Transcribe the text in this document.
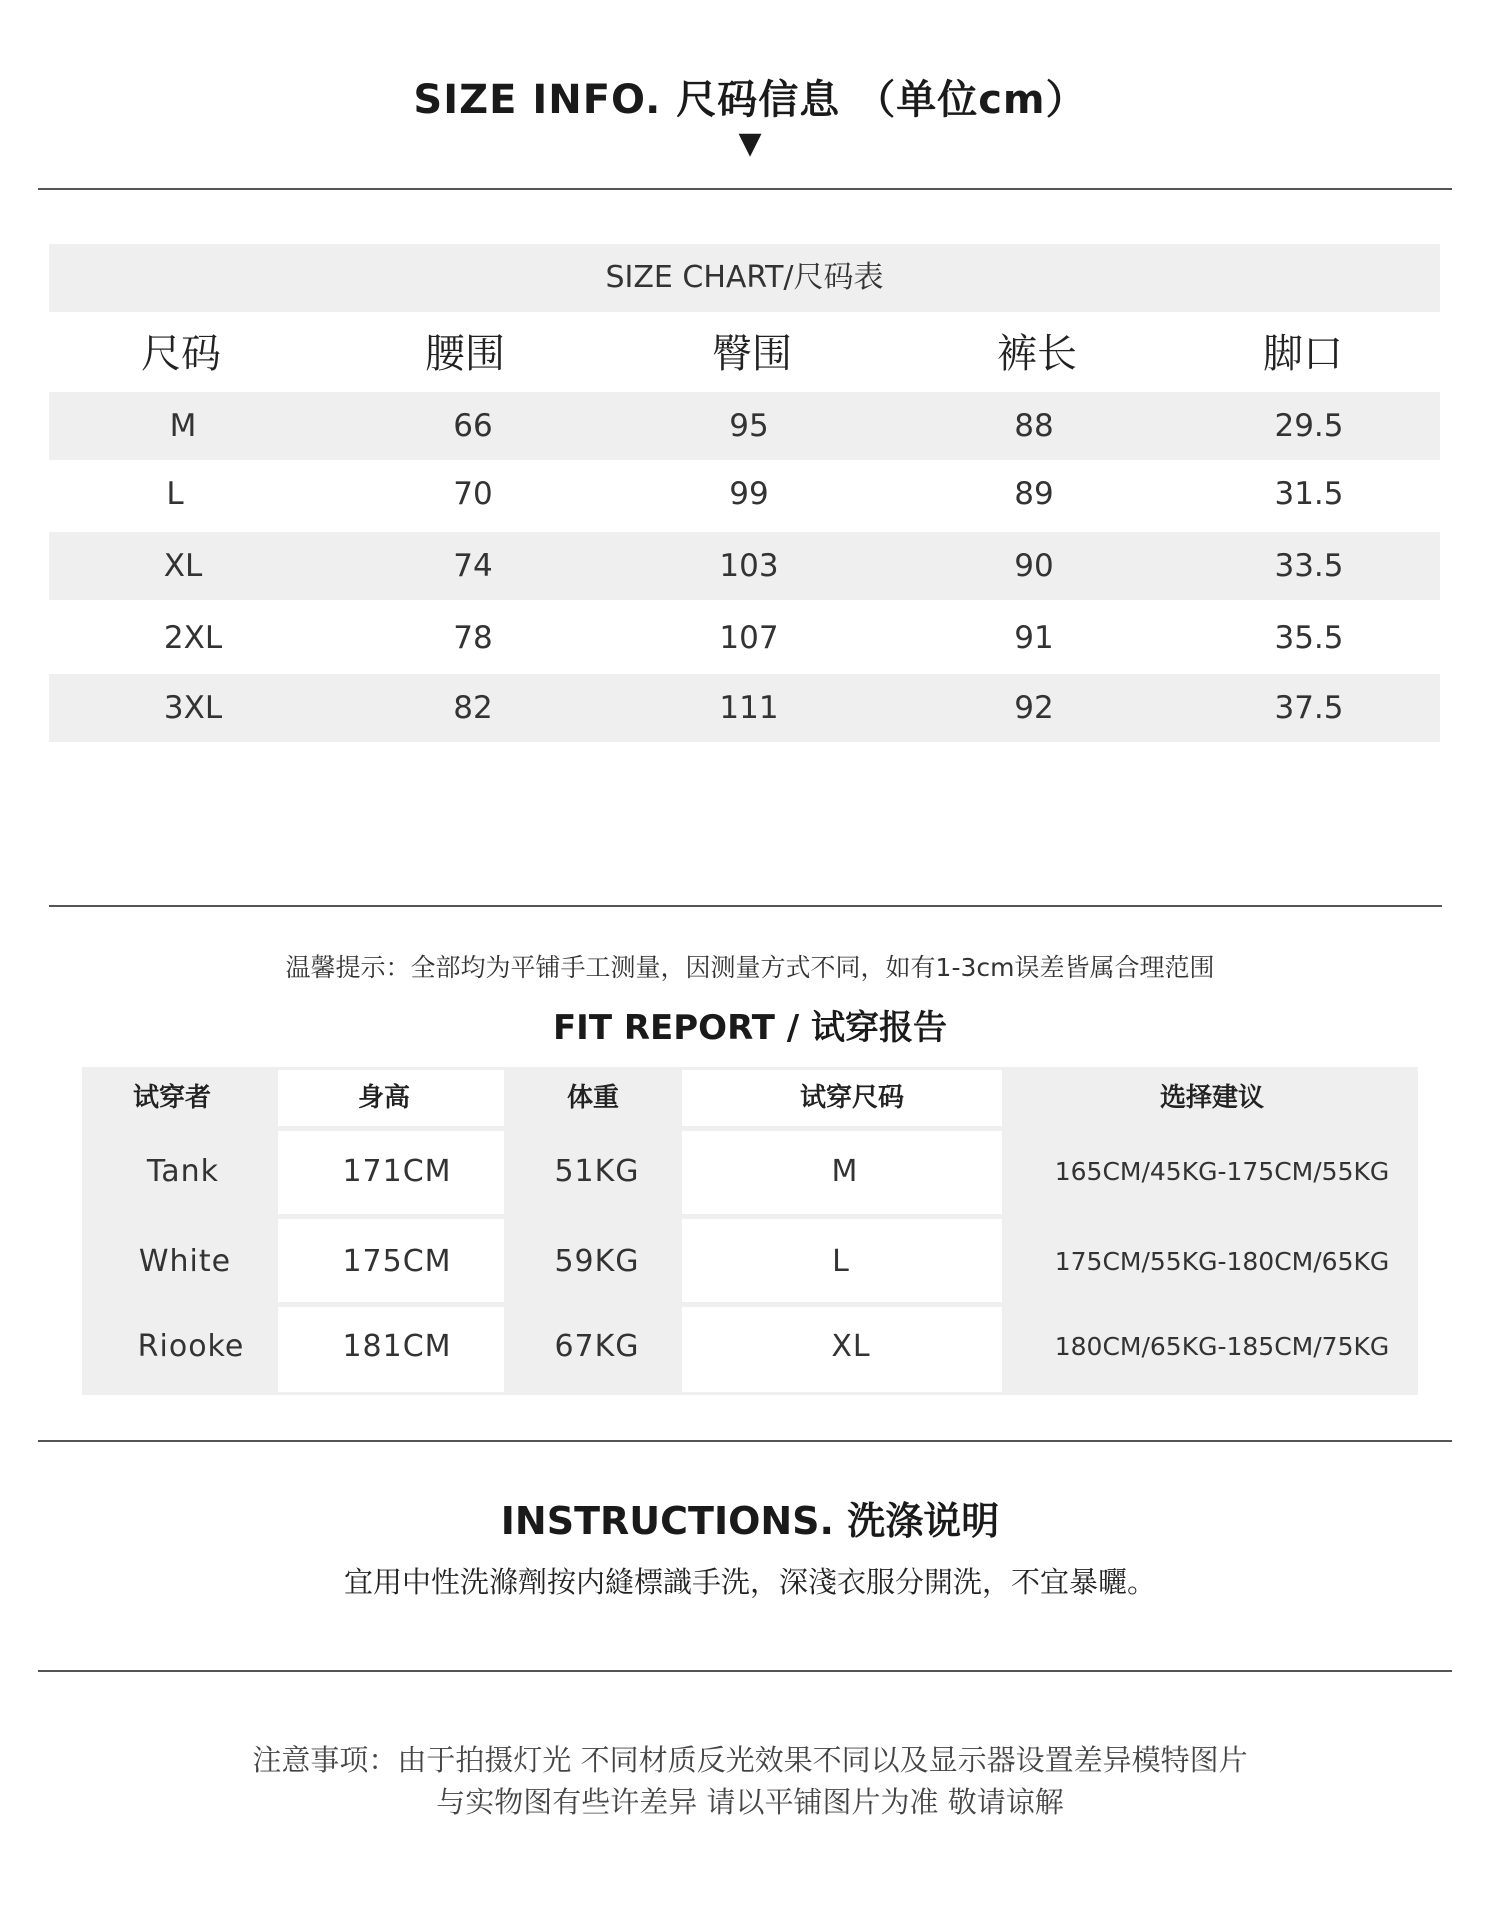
SIZE INFO. 尺码信息 （单位cm）
▼
SIZE CHART/尺码表
尺码	腰围	臀围	裤长	脚口
M	66	95	88	29.5
L	70	99	89	31.5
XL	74	103	90	33.5
2XL	78	107	91	35.5
3XL	82	111	92	37.5
温馨提示：全部均为平铺手工测量，因测量方式不同，如有1-3cm误差皆属合理范围
FIT REPORT / 试穿报告
试穿者	身高	体重	试穿尺码	选择建议
Tank	171CM	51KG	M	165CM/45KG-175CM/55KG
White	175CM	59KG	L	175CM/55KG-180CM/65KG
Riooke	181CM	67KG	XL	180CM/65KG-185CM/75KG
INSTRUCTIONS. 洗涤说明
宜用中性洗滌劑按内縫標識手洗，深淺衣服分開洗，不宜暴曬。
注意事项：由于拍摄灯光 不同材质反光效果不同以及显示器设置差异模特图片
与实物图有些许差异 请以平铺图片为准 敬请谅解
